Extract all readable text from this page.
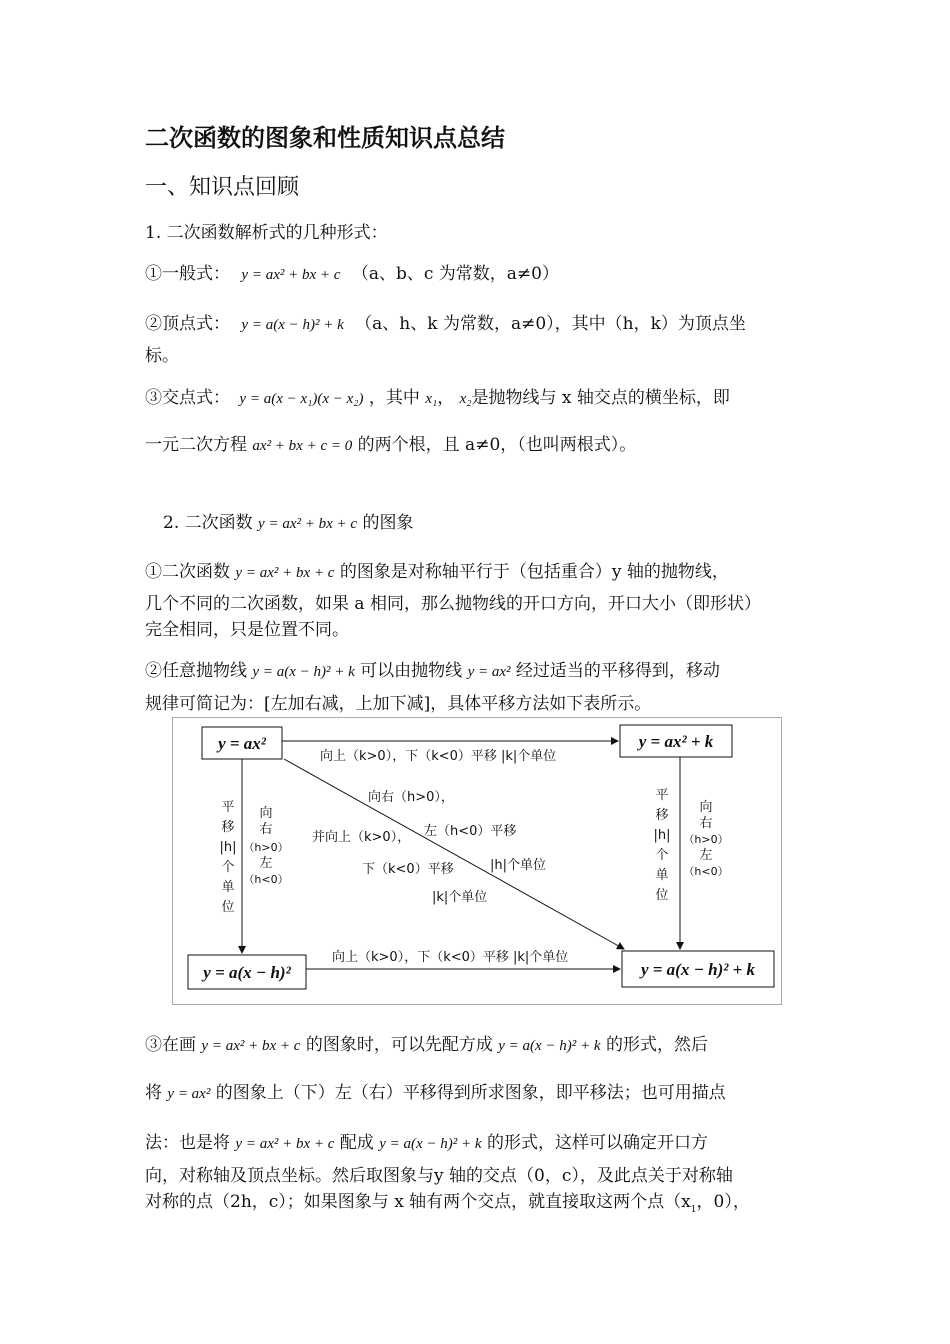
二次函数的图象和性质知识点总结
一、知识点回顾
1. 二次函数解析式的几种形式：
①一般式： y = ax² + bx + c （a、b、c 为常数，a≠0）
②顶点式： y = a(x − h)² + k （a、h、k 为常数，a≠0），其中（h，k）为顶点坐
标。
③交点式： y = a(x − x₁)(x − x₂) ，其中 x₁， x₂是抛物线与 x 轴交点的横坐标，即
一元二次方程 ax² + bx + c = 0 的两个根，且 a≠0，（也叫两根式）。
2. 二次函数 y = ax² + bx + c 的图象
①二次函数 y = ax² + bx + c 的图象是对称轴平行于（包括重合）y 轴的抛物线，
几个不同的二次函数，如果 a 相同，那么抛物线的开口方向，开口大小（即形状）
完全相同，只是位置不同。
②任意抛物线 y = a(x − h)² + k 可以由抛物线 y = ax² 经过适当的平移得到，移动
规律可简记为：[左加右减，上加下减]，具体平移方法如下表所示。
y = ax²	y = ax² + k
y = a(x − h)²	y = a(x − h)² + k
向上（k>0），下（k<0）平移 |k|个单位
向上（k>0），下（k<0）平移 |k|个单位
平
移
|h|
个
单
位
向
右
（h>0）
左
（h<0）
平
移
|h|
个
单
位
向
右
（h>0）
左
（h<0）
向右（h>0），
并向上（k>0）， 左（h<0）平移
下（k<0）平移	|h|个单位
|k|个单位
③在画 y = ax² + bx + c 的图象时，可以先配方成 y = a(x − h)² + k 的形式，然后
将 y = ax² 的图象上（下）左（右）平移得到所求图象，即平移法；也可用描点
法：也是将 y = ax² + bx + c 配成 y = a(x − h)² + k 的形式，这样可以确定开口方
向，对称轴及顶点坐标。然后取图象与y 轴的交点（0，c），及此点关于对称轴
对称的点（2h，c）；如果图象与 x 轴有两个交点，就直接取这两个点（$x_1$，0），
